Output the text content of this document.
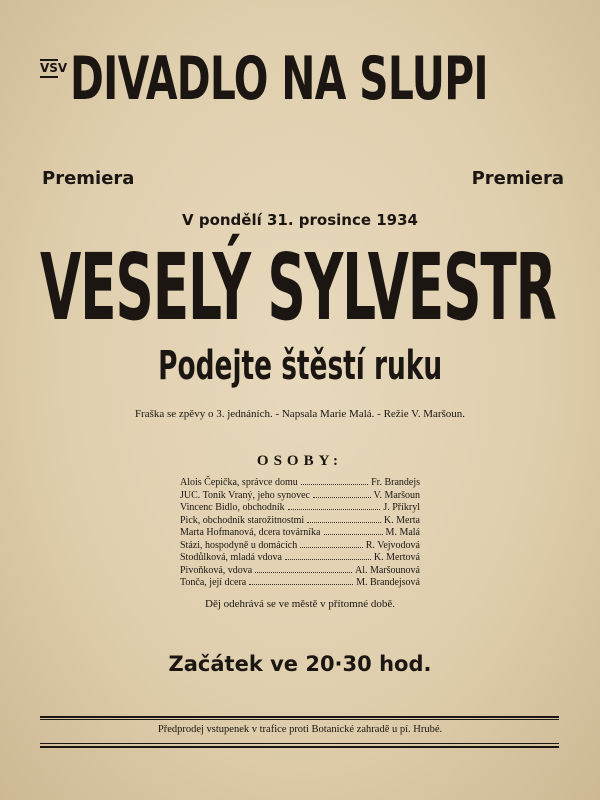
VSV DIVADLO NA SLUPI
Premiera	Premiera
V pondělí 31. prosince 1934
VESELÝ SYLVESTR
Podejte štěstí ruku
Fraška se zpěvy o 3. jednáních. - Napsala Marie Malá. - Režie V. Maršoun.
OSOBY:
Alois Čepička, správce domu	Fr. Brandejs
JUC. Toník Vraný, jeho synovec	V. Maršoun
Vincenc Bidlo, obchodník	J. Příkryl
Pick, obchodník starožitnostmi	K. Merta
Marta Hofmanová, dcera továrníka	M. Malá
Stázi, hospodyně u domácích	R. Vejvodová
Stodůlková, mladá vdova	K. Mertová
Pivoňková, vdova	Al. Maršounová
Tonča, její dcera	M. Brandejsová
Děj odehrává se ve městě v přítomné době.
Začátek ve 20·30 hod.
Předprodej vstupenek v trafice proti Botanické zahradě u pí. Hrubé.
